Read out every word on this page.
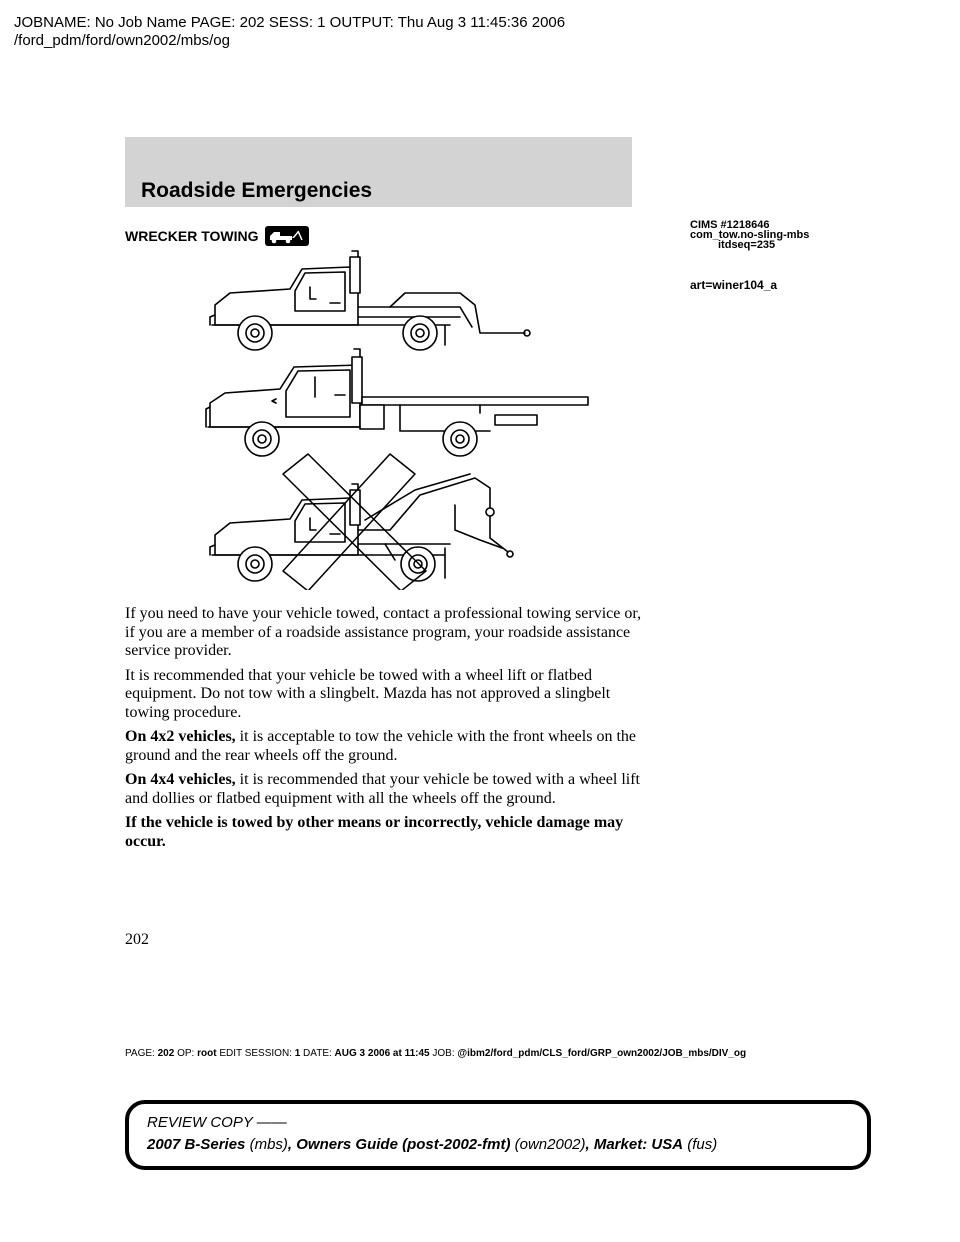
JOBNAME: No Job Name PAGE: 202 SESS: 1 OUTPUT: Thu Aug 3 11:45:36 2006
/ford_pdm/ford/own2002/mbs/og
Roadside Emergencies
WRECKER TOWING
CIMS #1218646
com_tow.no-sling-mbs
itdseq=235
art=winer104_a

If you need to have your vehicle towed, contact a professional towing service or, if you are a member of a roadside assistance program, your roadside assistance service provider.

It is recommended that your vehicle be towed with a wheel lift or flatbed equipment. Do not tow with a slingbelt. Mazda has not approved a slingbelt towing procedure.

On 4x2 vehicles, it is acceptable to tow the vehicle with the front wheels on the ground and the rear wheels off the ground.

On 4x4 vehicles, it is recommended that your vehicle be towed with a wheel lift and dollies or flatbed equipment with all the wheels off the ground.

If the vehicle is towed by other means or incorrectly, vehicle damage may occur.

202
PAGE: 202 OP: root EDIT SESSION: 1 DATE: AUG 3 2006 at 11:45 JOB: @ibm2/ford_pdm/CLS_ford/GRP_own2002/JOB_mbs/DIV_og
REVIEW COPY ——
2007 B-Series (mbs), Owners Guide (post-2002-fmt) (own2002), Market: USA (fus)
